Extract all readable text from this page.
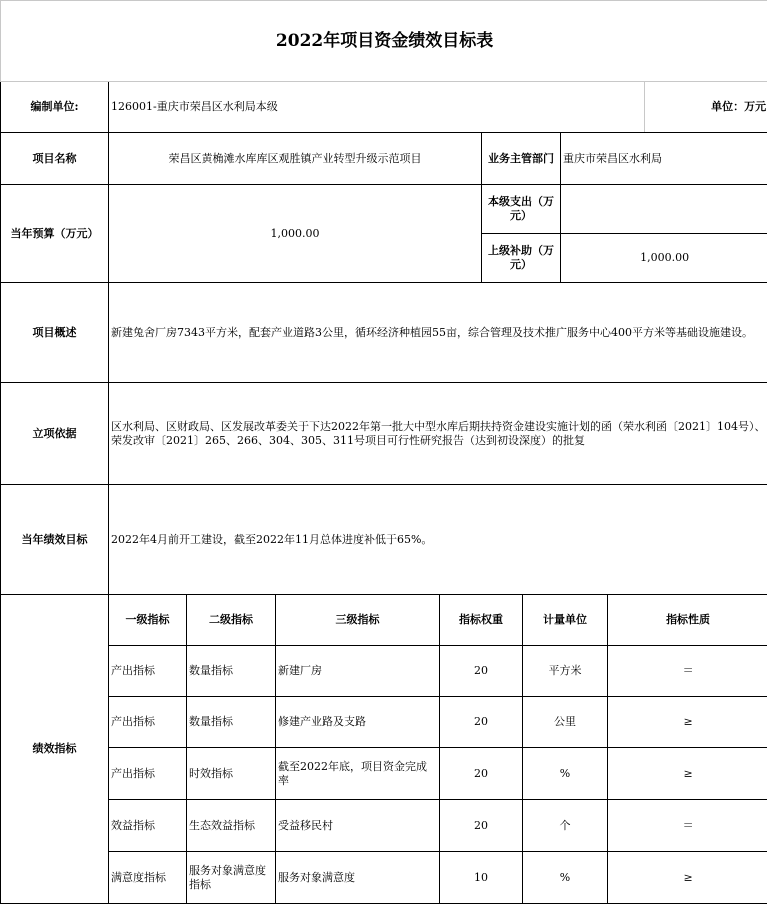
2022年项目资金绩效目标表										
编制单位:	126001-重庆市荣昌区水利局本级								单位：万元	
项目名称	荣昌区黄桷滩水库库区观胜镇产业转型升级示范项目				业务主管部门		重庆市荣昌区水利局			
当年预算（万元）	1,000.00				本级支出（万元）					
					上级补助（万元）		1,000.00			
项目概述	新建兔舍厂房7343平方米，配套产业道路3公里，循环经济种植园55亩，综合管理及技术推广服务中心400平方米等基础设施建设。									
立项依据	区水利局、区财政局、区发展改革委关于下达2022年第一批大中型水库后期扶持资金建设实施计划的函（荣水利函〔2021〕104号）、荣发改审〔2021〕265、266、304、305、311号项目可行性研究报告（达到初设深度）的批复									
当年绩效目标	2022年4月前开工建设，截至2022年11月总体进度补低于65%。									
绩效指标	一级指标	二级指标	三级指标	指标权重		计量单位		指标性质	
	产出指标	数量指标	新建厂房	20		平方米		＝	
	产出指标	数量指标	修建产业路及支路	20		公里		≥	
	产出指标	时效指标	截至2022年底，项目资金完成率	20		%		≥	
	效益指标	生态效益指标	受益移民村	20		个		＝	
	满意度指标	服务对象满意度指标	服务对象满意度	10		%		≥	
